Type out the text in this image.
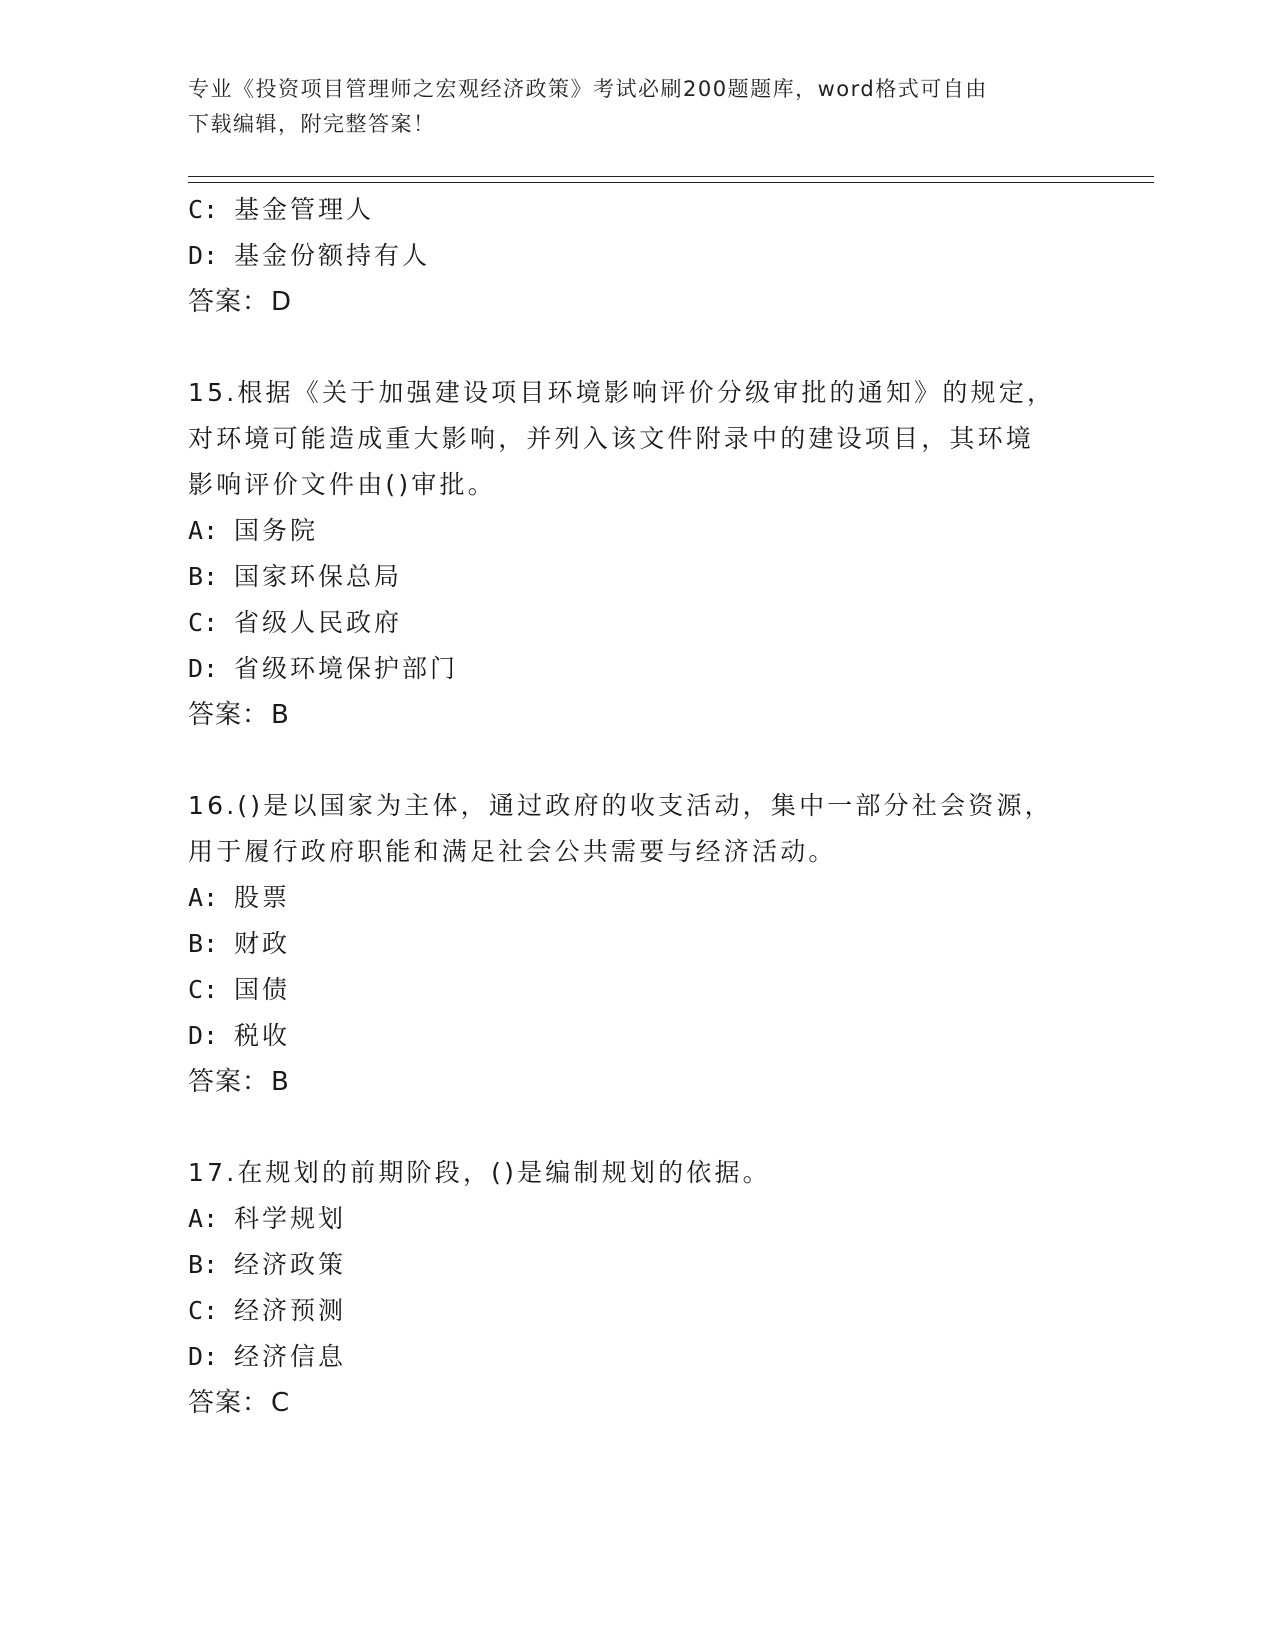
专业《投资项目管理师之宏观经济政策》考试必刷200题题库，word格式可自由
下载编辑，附完整答案！
C: 基金管理人
D: 基金份额持有人
答案：D
15.根据《关于加强建设项目环境影响评价分级审批的通知》的规定，
对环境可能造成重大影响，并列入该文件附录中的建设项目，其环境
影响评价文件由()审批。
A: 国务院
B: 国家环保总局
C: 省级人民政府
D: 省级环境保护部门
答案：B
16.()是以国家为主体，通过政府的收支活动，集中一部分社会资源，
用于履行政府职能和满足社会公共需要与经济活动。
A: 股票
B: 财政
C: 国债
D: 税收
答案：B
17.在规划的前期阶段，()是编制规划的依据。
A: 科学规划
B: 经济政策
C: 经济预测
D: 经济信息
答案：C
